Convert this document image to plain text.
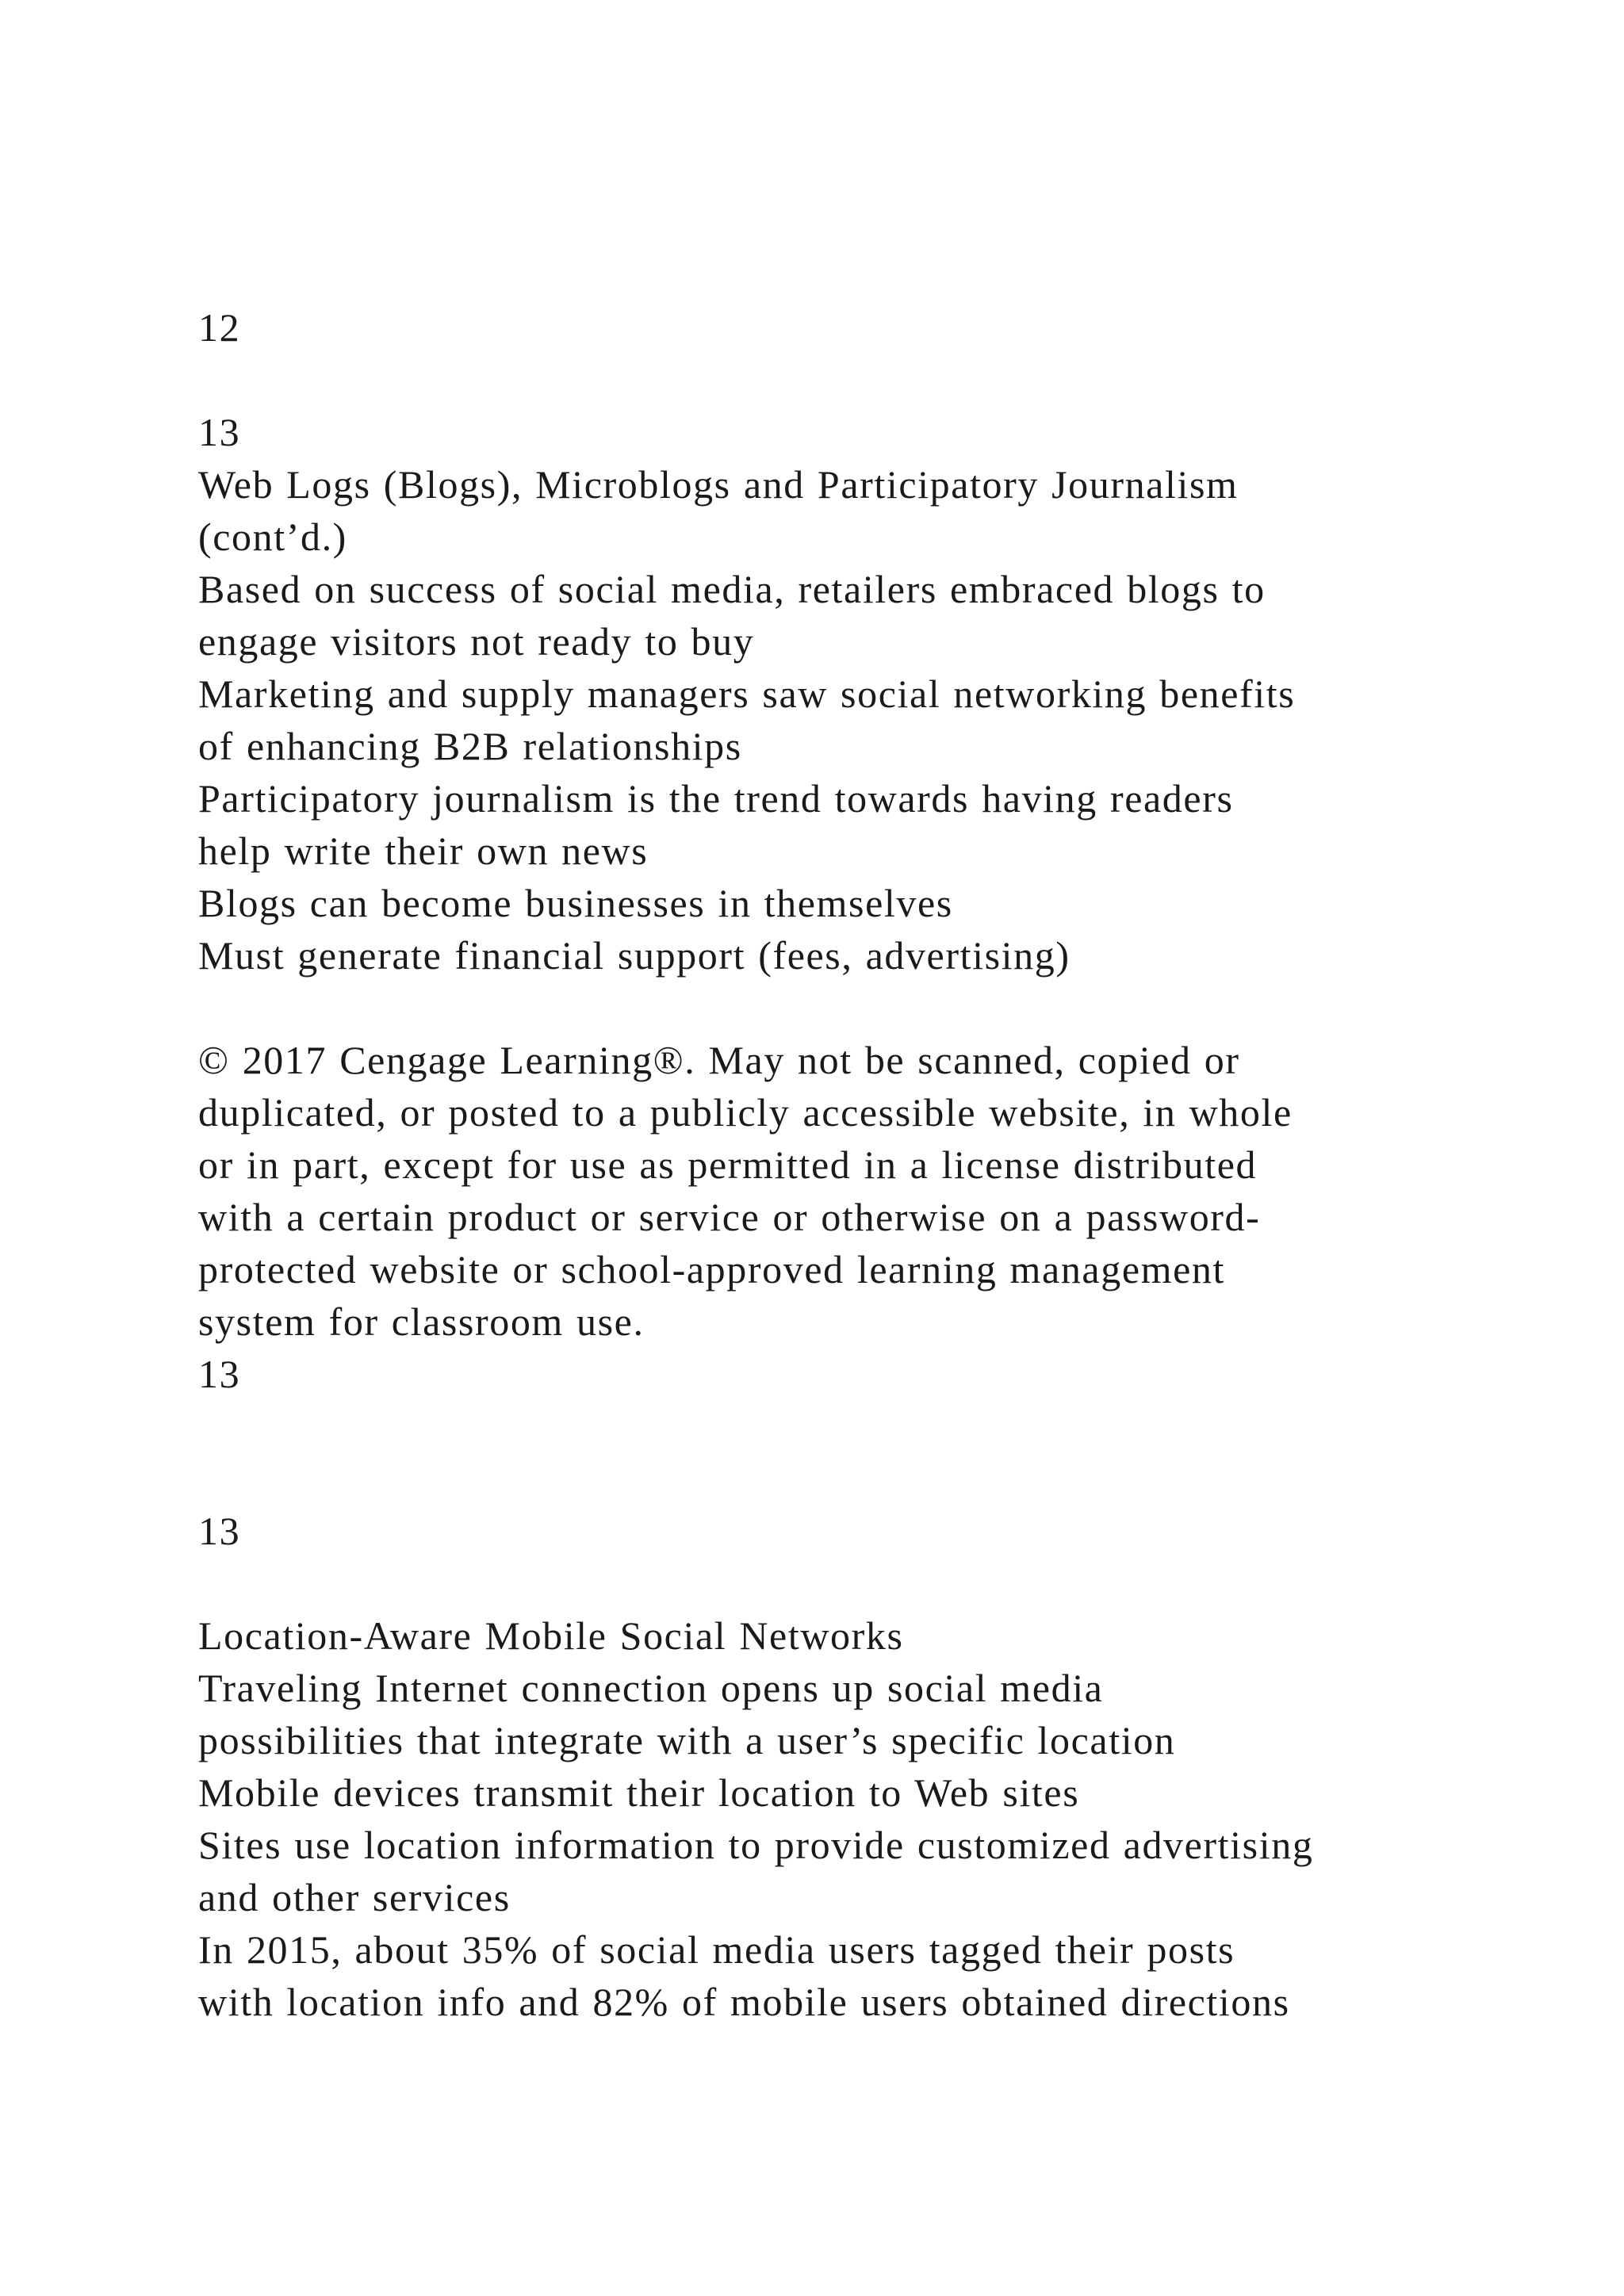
12
13
Web Logs (Blogs), Microblogs and Participatory Journalism
(cont’d.)
Based on success of social media, retailers embraced blogs to
engage visitors not ready to buy
Marketing and supply managers saw social networking benefits
of enhancing B2B relationships
Participatory journalism is the trend towards having readers
help write their own news
Blogs can become businesses in themselves
Must generate financial support (fees, advertising)
© 2017 Cengage Learning®. May not be scanned, copied or
duplicated, or posted to a publicly accessible website, in whole
or in part, except for use as permitted in a license distributed
with a certain product or service or otherwise on a password-
protected website or school-approved learning management
system for classroom use.
13
13
Location-Aware Mobile Social Networks
Traveling Internet connection opens up social media
possibilities that integrate with a user’s specific location
Mobile devices transmit their location to Web sites
Sites use location information to provide customized advertising
and other services
In 2015, about 35% of social media users tagged their posts
with location info and 82% of mobile users obtained directions
